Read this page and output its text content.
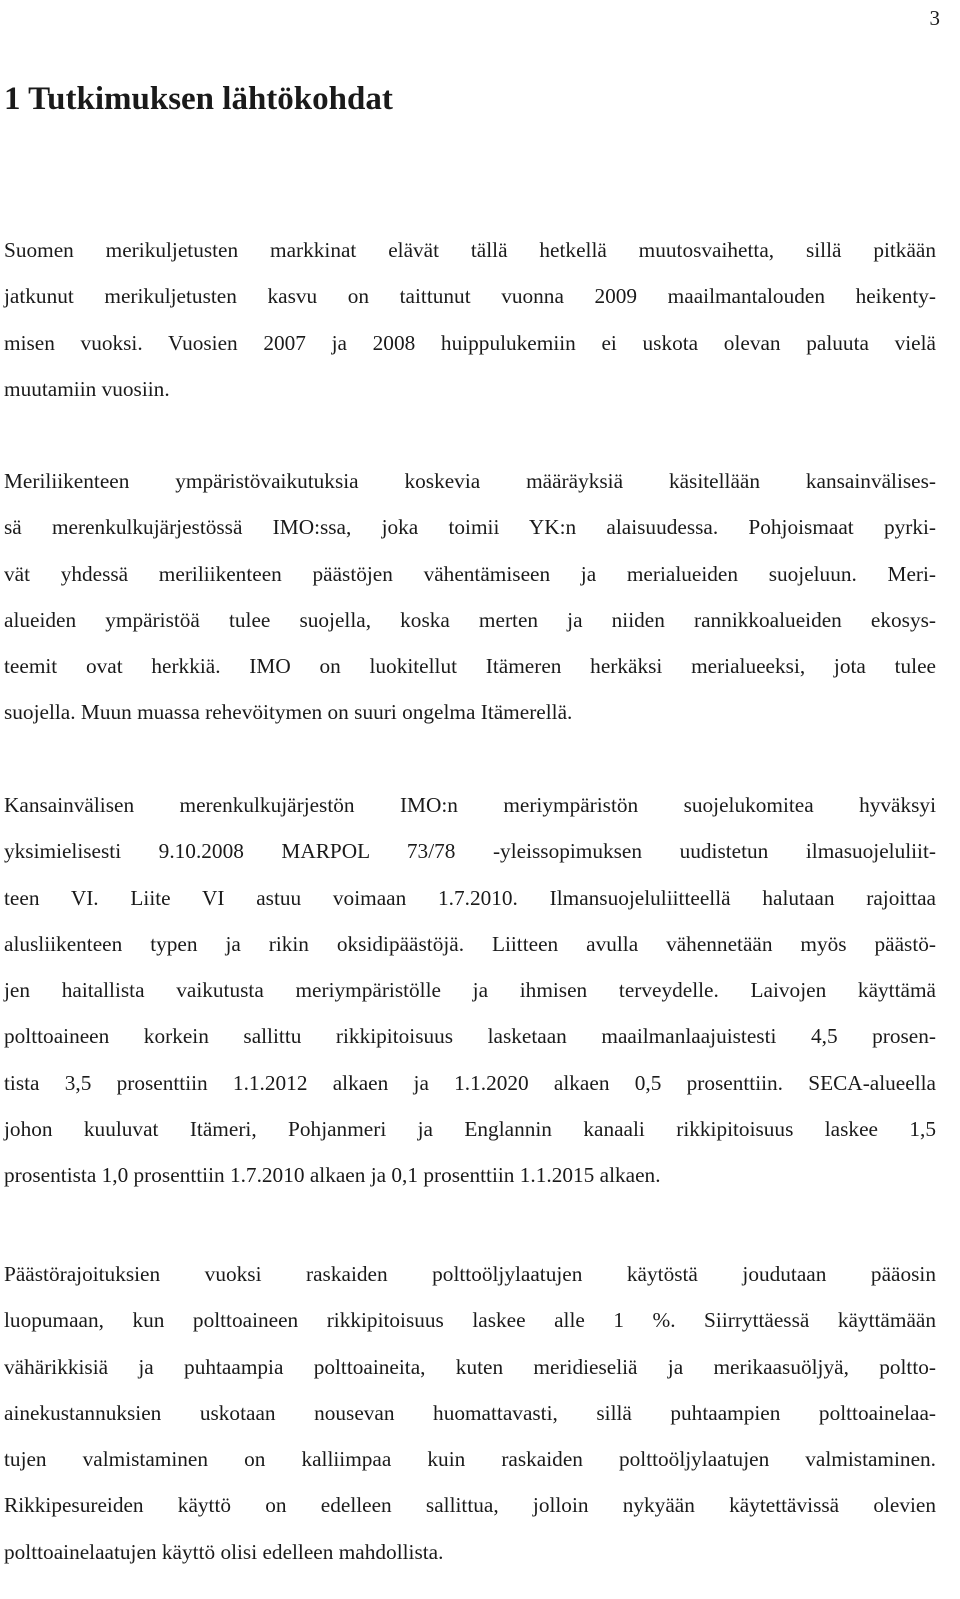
3
1 Tutkimuksen lähtökohdat
Suomen merikuljetusten markkinat elävät tällä hetkellä muutosvaihetta, sillä pitkään
jatkunut merikuljetusten kasvu on taittunut vuonna 2009 maailmantalouden heikenty-
misen vuoksi. Vuosien 2007 ja 2008 huippulukemiin ei uskota olevan paluuta vielä
muutamiin vuosiin.
Meriliikenteen ympäristövaikutuksia koskevia määräyksiä käsitellään kansainvälises-
sä merenkulkujärjestössä IMO:ssa, joka toimii YK:n alaisuudessa. Pohjoismaat pyrki-
vät yhdessä meriliikenteen päästöjen vähentämiseen ja merialueiden suojeluun. Meri-
alueiden ympäristöä tulee suojella, koska merten ja niiden rannikkoalueiden ekosys-
teemit ovat herkkiä. IMO on luokitellut Itämeren herkäksi merialueeksi, jota tulee
suojella. Muun muassa rehevöitymen on suuri ongelma Itämerellä.
Kansainvälisen merenkulkujärjestön IMO:n meriympäristön suojelukomitea hyväksyi
yksimielisesti 9.10.2008 MARPOL 73/78 -yleissopimuksen uudistetun ilmasuojeluliit-
teen VI. Liite VI astuu voimaan 1.7.2010. Ilmansuojeluliitteellä halutaan rajoittaa
alusliikenteen typen ja rikin oksidipäästöjä. Liitteen avulla vähennetään myös päästö-
jen haitallista vaikutusta meriympäristölle ja ihmisen terveydelle. Laivojen käyttämä
polttoaineen korkein sallittu rikkipitoisuus lasketaan maailmanlaajuistesti 4,5 prosen-
tista 3,5 prosenttiin 1.1.2012 alkaen ja 1.1.2020 alkaen 0,5 prosenttiin. SECA-alueella
johon kuuluvat Itämeri, Pohjanmeri ja Englannin kanaali rikkipitoisuus laskee 1,5
prosentista 1,0 prosenttiin 1.7.2010 alkaen ja 0,1 prosenttiin 1.1.2015 alkaen.
Päästörajoituksien vuoksi raskaiden polttoöljylaatujen käytöstä joudutaan pääosin
luopumaan, kun polttoaineen rikkipitoisuus laskee alle 1 %. Siirryttäessä käyttämään
vähärikkisiä ja puhtaampia polttoaineita, kuten meridieseliä ja merikaasuöljyä, poltto-
ainekustannuksien uskotaan nousevan huomattavasti, sillä puhtaampien polttoainelaa-
tujen valmistaminen on kalliimpaa kuin raskaiden polttoöljylaatujen valmistaminen.
Rikkipesureiden käyttö on edelleen sallittua, jolloin nykyään käytettävissä olevien
polttoainelaatujen käyttö olisi edelleen mahdollista.
